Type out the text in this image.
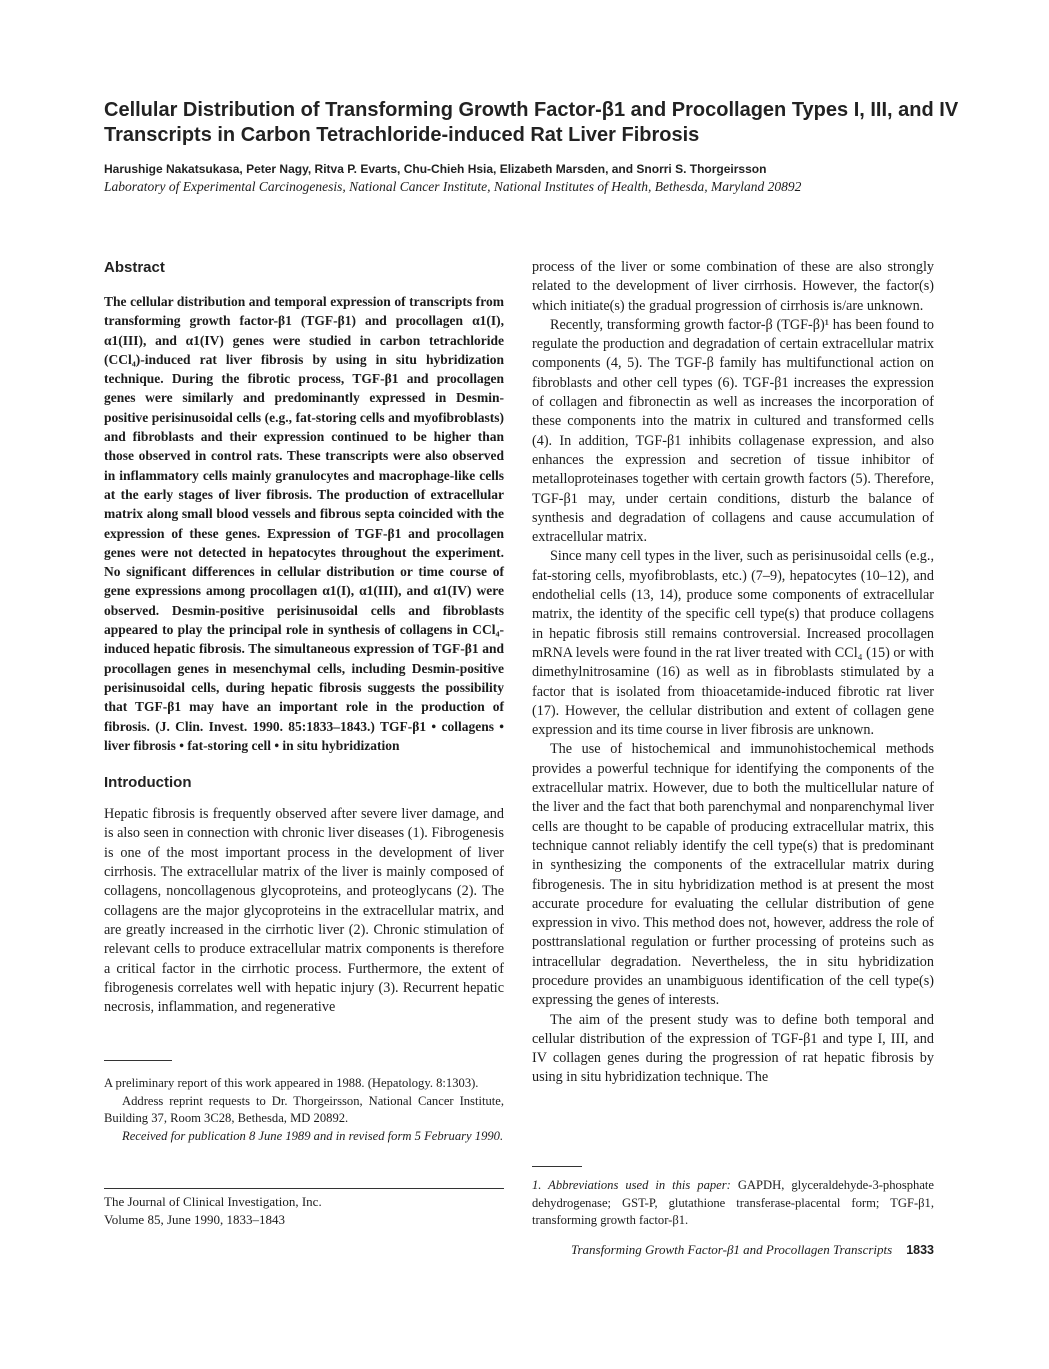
Cellular Distribution of Transforming Growth Factor-β1 and Procollagen Types I, III, and IV Transcripts in Carbon Tetrachloride-induced Rat Liver Fibrosis
Harushige Nakatsukasa, Peter Nagy, Ritva P. Evarts, Chu-Chieh Hsia, Elizabeth Marsden, and Snorri S. Thorgeirsson
Laboratory of Experimental Carcinogenesis, National Cancer Institute, National Institutes of Health, Bethesda, Maryland 20892
Abstract
The cellular distribution and temporal expression of transcripts from transforming growth factor-β1 (TGF-β1) and procollagen α1(I), α1(III), and α1(IV) genes were studied in carbon tetrachloride (CCl₄)-induced rat liver fibrosis by using in situ hybridization technique. During the fibrotic process, TGF-β1 and procollagen genes were similarly and predominantly expressed in Desmin-positive perisinusoidal cells (e.g., fat-storing cells and myofibroblasts) and fibroblasts and their expression continued to be higher than those observed in control rats. These transcripts were also observed in inflammatory cells mainly granulocytes and macrophage-like cells at the early stages of liver fibrosis. The production of extracellular matrix along small blood vessels and fibrous septa coincided with the expression of these genes. Expression of TGF-β1 and procollagen genes were not detected in hepatocytes throughout the experiment. No significant differences in cellular distribution or time course of gene expressions among procollagen α1(I), α1(III), and α1(IV) were observed. Desmin-positive perisinusoidal cells and fibroblasts appeared to play the principal role in synthesis of collagens in CCl₄-induced hepatic fibrosis. The simultaneous expression of TGF-β1 and procollagen genes in mesenchymal cells, including Desmin-positive perisinusoidal cells, during hepatic fibrosis suggests the possibility that TGF-β1 may have an important role in the production of fibrosis. (J. Clin. Invest. 1990. 85:1833–1843.) TGF-β1 • collagens • liver fibrosis • fat-storing cell • in situ hybridization
Introduction

Hepatic fibrosis is frequently observed after severe liver damage, and is also seen in connection with chronic liver diseases (1). Fibrogenesis is one of the most important process in the development of liver cirrhosis. The extracellular matrix of the liver is mainly composed of collagens, noncollagenous glycoproteins, and proteoglycans (2). The collagens are the major glycoproteins in the extracellular matrix, and are greatly increased in the cirrhotic liver (2). Chronic stimulation of relevant cells to produce extracellular matrix components is therefore a critical factor in the cirrhotic process. Furthermore, the extent of fibrogenesis correlates well with hepatic injury (3). Recurrent hepatic necrosis, inflammation, and regenerative

process of the liver or some combination of these are also strongly related to the development of liver cirrhosis. However, the factor(s) which initiate(s) the gradual progression of cirrhosis is/are unknown.

Recently, transforming growth factor-β (TGF-β)¹ has been found to regulate the production and degradation of certain extracellular matrix components (4, 5). The TGF-β family has multifunctional action on fibroblasts and other cell types (6). TGF-β1 increases the expression of collagen and fibronectin as well as increases the incorporation of these components into the matrix in cultured and transformed cells (4). In addition, TGF-β1 inhibits collagenase expression, and also enhances the expression and secretion of tissue inhibitor of metalloproteinases together with certain growth factors (5). Therefore, TGF-β1 may, under certain conditions, disturb the balance of synthesis and degradation of collagens and cause accumulation of extracellular matrix.

Since many cell types in the liver, such as perisinusoidal cells (e.g., fat-storing cells, myofibroblasts, etc.) (7–9), hepatocytes (10–12), and endothelial cells (13, 14), produce some components of extracellular matrix, the identity of the specific cell type(s) that produce collagens in hepatic fibrosis still remains controversial. Increased procollagen mRNA levels were found in the rat liver treated with CCl₄ (15) or with dimethylnitrosamine (16) as well as in fibroblasts stimulated by a factor that is isolated from thioacetamide-induced fibrotic rat liver (17). However, the cellular distribution and extent of collagen gene expression and its time course in liver fibrosis are unknown.

The use of histochemical and immunohistochemical methods provides a powerful technique for identifying the components of the extracellular matrix. However, due to both the multicellular nature of the liver and the fact that both parenchymal and nonparenchymal liver cells are thought to be capable of producing extracellular matrix, this technique cannot reliably identify the cell type(s) that is predominant in synthesizing the components of the extracellular matrix during fibrogenesis. The in situ hybridization method is at present the most accurate procedure for evaluating the cellular distribution of gene expression in vivo. This method does not, however, address the role of posttranslational regulation or further processing of proteins such as intracellular degradation. Nevertheless, the in situ hybridization procedure provides an unambiguous identification of the cell type(s) expressing the genes of interests.

The aim of the present study was to define both temporal and cellular distribution of the expression of TGF-β1 and type I, III, and IV collagen genes during the progression of rat hepatic fibrosis by using in situ hybridization technique. The

A preliminary report of this work appeared in 1988. (Hepatology. 8:1303).

Address reprint requests to Dr. Thorgeirsson, National Cancer Institute, Building 37, Room 3C28, Bethesda, MD 20892.

Received for publication 8 June 1989 and in revised form 5 February 1990.

The Journal of Clinical Investigation, Inc.
Volume 85, June 1990, 1833–1843

1. Abbreviations used in this paper: GAPDH, glyceraldehyde-3-phosphate dehydrogenase; GST-P, glutathione transferase-placental form; TGF-β1, transforming growth factor-β1.

Transforming Growth Factor-β1 and Procollagen Transcripts 1833
